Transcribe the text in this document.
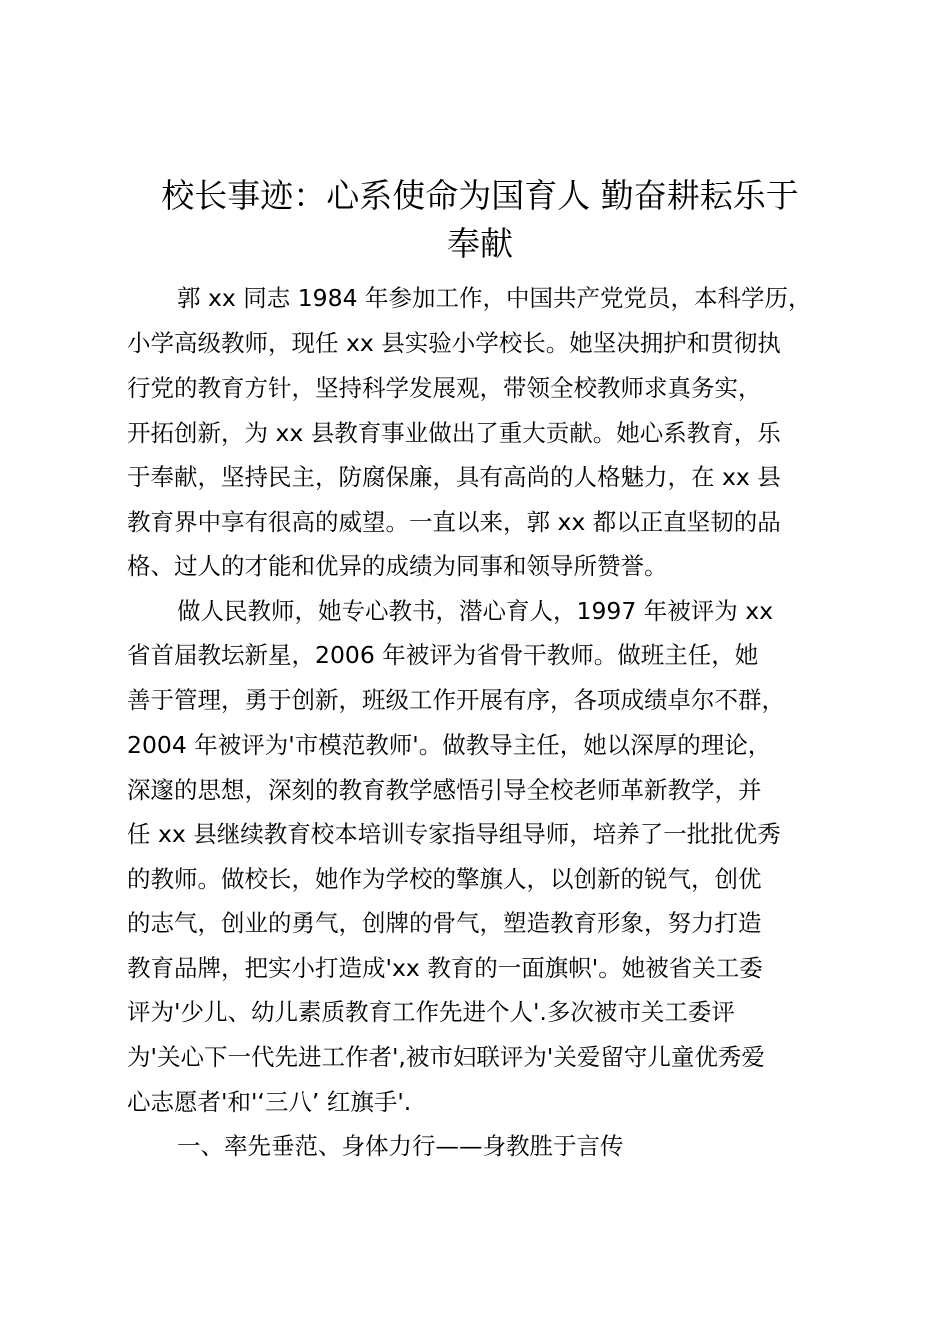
校长事迹：心系使命为国育人 勤奋耕耘乐于
奉献
郭 xx 同志 1984 年参加工作，中国共产党党员，本科学历，
小学高级教师，现任 xx 县实验小学校长。她坚决拥护和贯彻执
行党的教育方针，坚持科学发展观，带领全校教师求真务实，
开拓创新，为 xx 县教育事业做出了重大贡献。她心系教育，乐
于奉献，坚持民主，防腐保廉，具有高尚的人格魅力，在 xx 县
教育界中享有很高的威望。一直以来，郭 xx 都以正直坚韧的品
格、过人的才能和优异的成绩为同事和领导所赞誉。
做人民教师，她专心教书，潜心育人，1997 年被评为 xx
省首届教坛新星，2006 年被评为省骨干教师。做班主任，她
善于管理，勇于创新，班级工作开展有序，各项成绩卓尔不群，
2004 年被评为'市模范教师'。做教导主任，她以深厚的理论，
深邃的思想，深刻的教育教学感悟引导全校老师革新教学，并
任 xx 县继续教育校本培训专家指导组导师，培养了一批批优秀
的教师。做校长，她作为学校的擎旗人，以创新的锐气，创优
的志气，创业的勇气，创牌的骨气，塑造教育形象，努力打造
教育品牌，把实小打造成'xx 教育的一面旗帜'。她被省关工委
评为'少儿、幼儿素质教育工作先进个人'.多次被市关工委评
为'关心下一代先进工作者',被市妇联评为'关爱留守儿童优秀爱
心志愿者'和'‘三八’ 红旗手'.
一、率先垂范、身体力行——身教胜于言传
